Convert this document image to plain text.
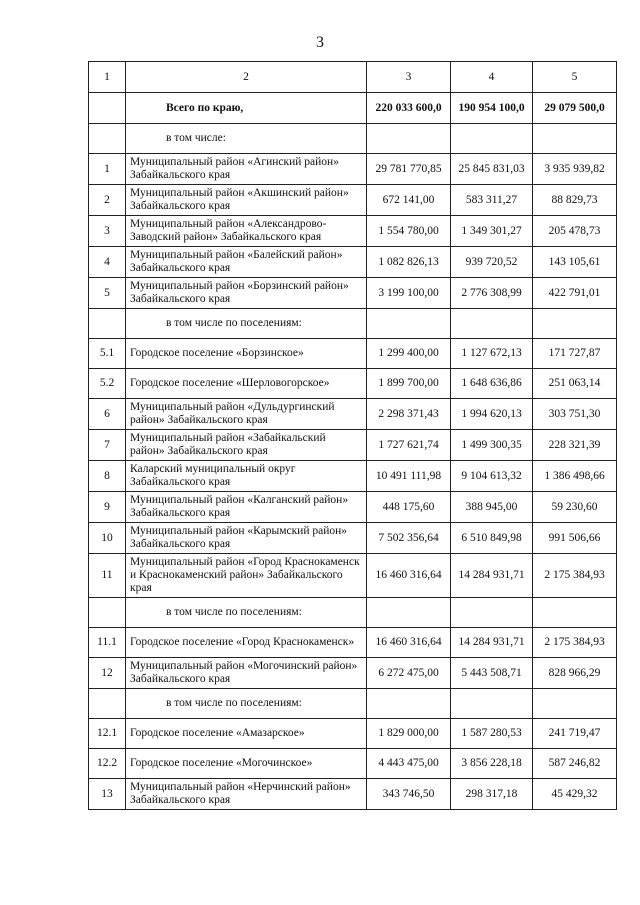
3
1	2	3	4	5
	Всего по краю,	220 033 600,0	190 954 100,0	29 079 500,0
	в том числе:			
1	Муниципальный район «Агинский район» Забайкальского края	29 781 770,85	25 845 831,03	3 935 939,82
2	Муниципальный район «Акшинский район» Забайкальского края	672 141,00	583 311,27	88 829,73
3	Муниципальный район «Александрово-Заводский район» Забайкальского края	1 554 780,00	1 349 301,27	205 478,73
4	Муниципальный район «Балейский район» Забайкальского края	1 082 826,13	939 720,52	143 105,61
5	Муниципальный район «Борзинский район» Забайкальского края	3 199 100,00	2 776 308,99	422 791,01
	в том числе по поселениям:			
5.1	Городское поселение «Борзинское»	1 299 400,00	1 127 672,13	171 727,87
5.2	Городское поселение «Шерловогорское»	1 899 700,00	1 648 636,86	251 063,14
6	Муниципальный район «Дульдургинский район» Забайкальского края	2 298 371,43	1 994 620,13	303 751,30
7	Муниципальный район «Забайкальский район» Забайкальского края	1 727 621,74	1 499 300,35	228 321,39
8	Каларский муниципальный округ Забайкальского края	10 491 111,98	9 104 613,32	1 386 498,66
9	Муниципальный район «Калганский район» Забайкальского края	448 175,60	388 945,00	59 230,60
10	Муниципальный район «Карымский район» Забайкальского края	7 502 356,64	6 510 849,98	991 506,66
11	Муниципальный район «Город Краснокаменск и Краснокаменский район» Забайкальского края	16 460 316,64	14 284 931,71	2 175 384,93
	в том числе по поселениям:			
11.1	Городское поселение «Город Краснокаменск»	16 460 316,64	14 284 931,71	2 175 384,93
12	Муниципальный район «Могочинский район» Забайкальского края	6 272 475,00	5 443 508,71	828 966,29
	в том числе по поселениям:			
12.1	Городское поселение «Амазарское»	1 829 000,00	1 587 280,53	241 719,47
12.2	Городское поселение «Могочинское»	4 443 475,00	3 856 228,18	587 246,82
13	Муниципальный район «Нерчинский район» Забайкальского края	343 746,50	298 317,18	45 429,32
